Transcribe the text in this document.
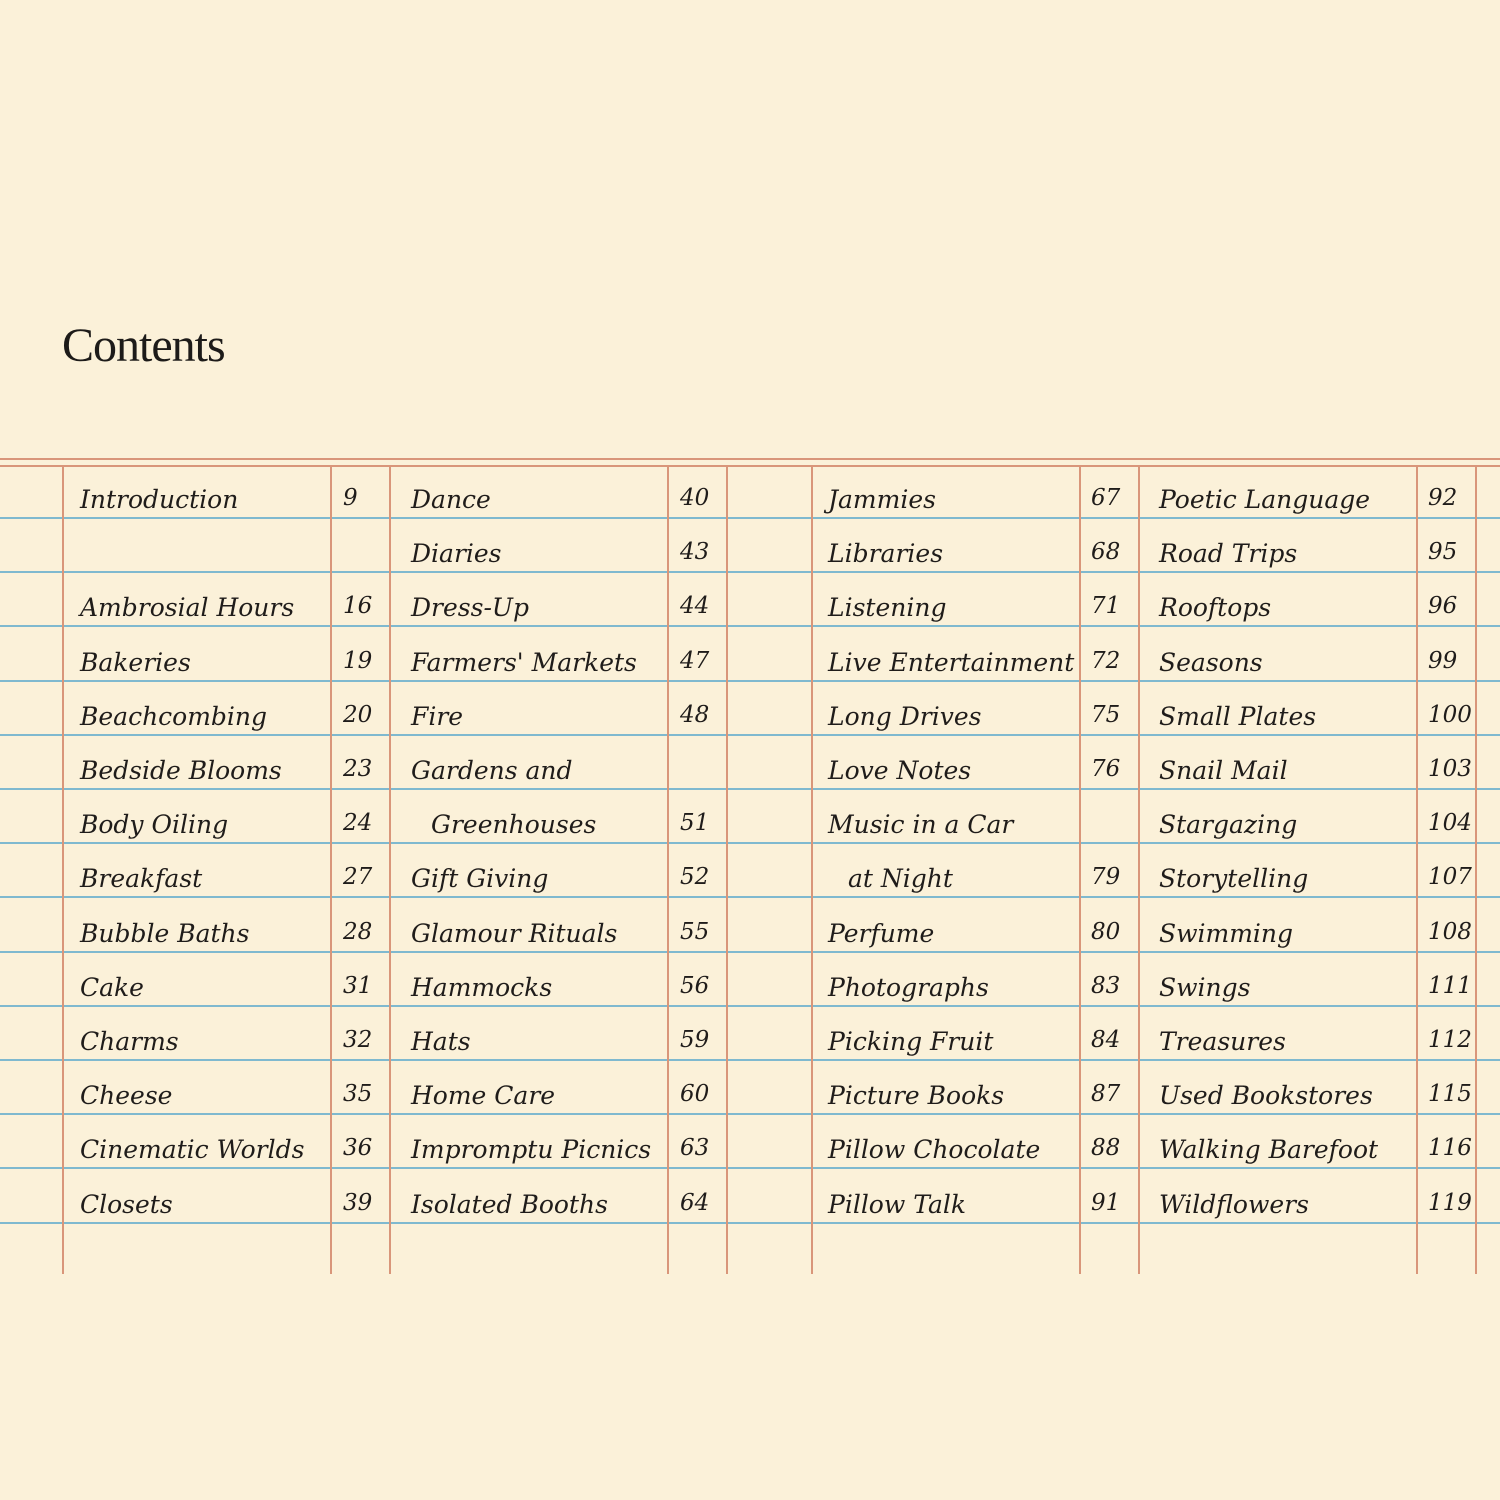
Contents
Introduction	9
Ambrosial Hours 16
Bakeries	19
Beachcombing	20
Bedside Blooms	23
Body Oiling	24
Breakfast	27
Bubble Baths	28
Cake	31
Charms	32
Cheese	35
Cinematic Worlds 36
Closets	39
Dance	40
Diaries	43
Dress-Up	44
Farmers' Markets 47
Fire	48
Gardens and
Greenhouses	51
Gift Giving	52
Glamour Rituals	55
Hammocks	56
Hats	59
Home Care	60
Impromptu Picnics 63
Isolated Booths	64
Jammies	67
Libraries	68
Listening	71
Live Entertainment 72
Long Drives	75
Love Notes	76
Music in a Car
at Night	79
Perfume	80
Photographs	83
Picking Fruit	84
Picture Books	87
Pillow Chocolate 88
Pillow Talk	91
Poetic Language	92
Road Trips	95
Rooftops	96
Seasons	99
Small Plates	100
Snail Mail	103
Stargazing	104
Storytelling	107
Swimming	108
Swings	111
Treasures	112
Used Bookstores 115
Walking Barefoot 116
Wildflowers	119
